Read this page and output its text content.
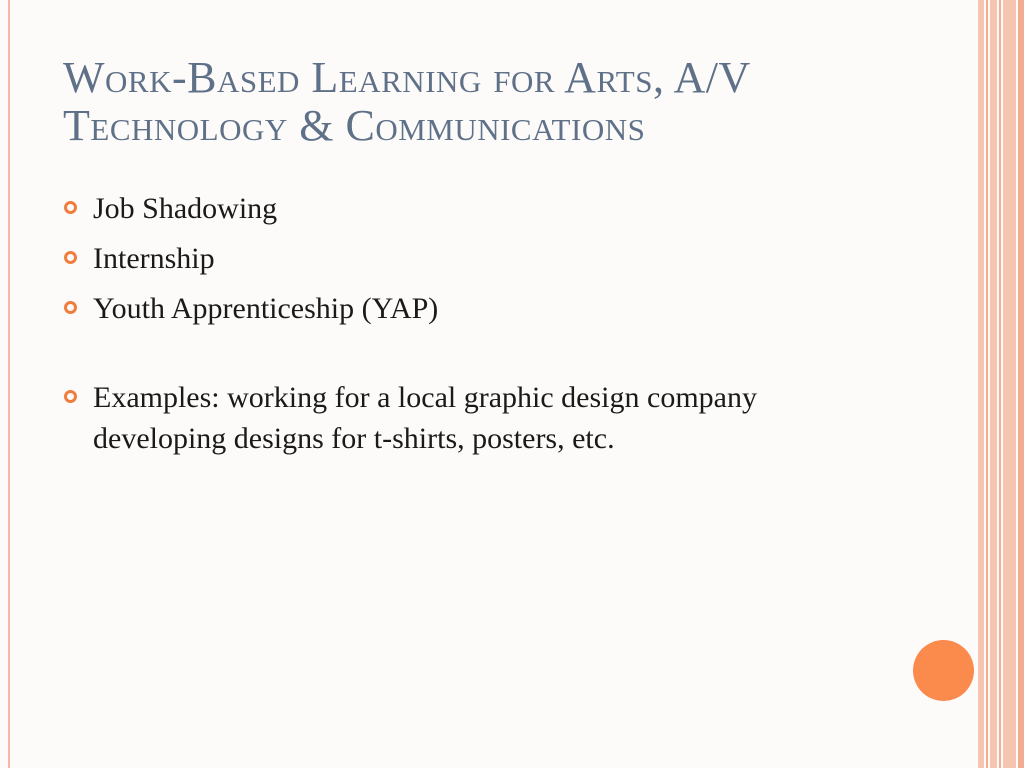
Work-Based Learning for Arts, A/V
Technology & Communications
Job Shadowing
Internship
Youth Apprenticeship (YAP)
Examples: working for a local graphic design company developing designs for t-shirts, posters, etc.
